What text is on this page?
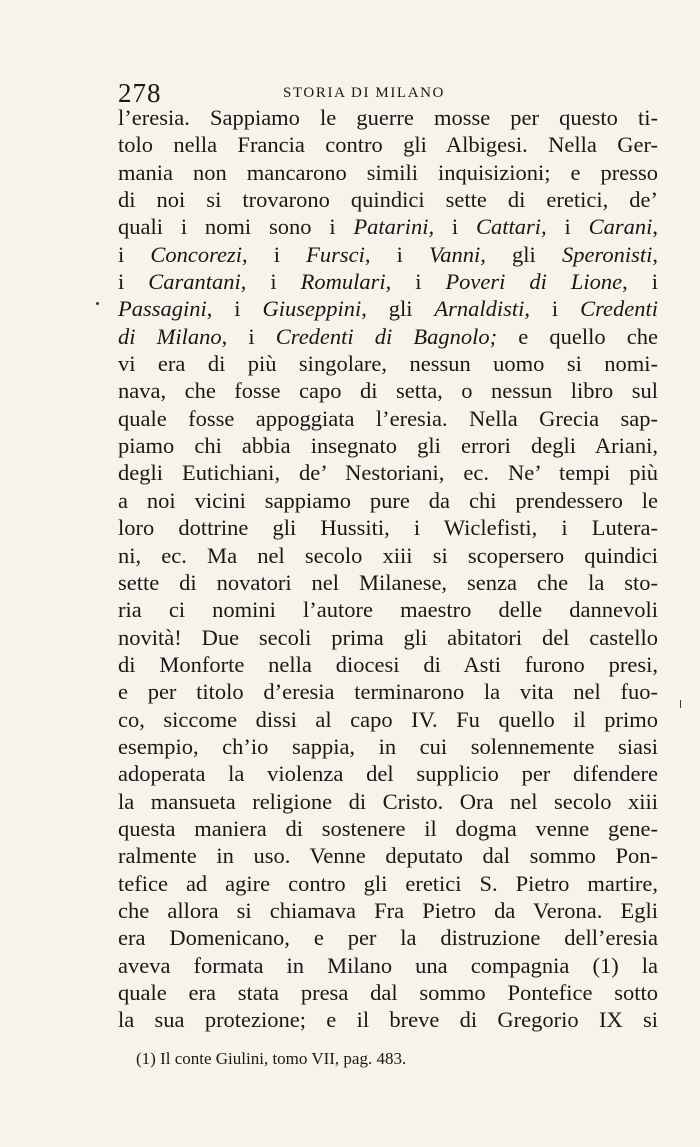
278	STORIA DI MILANO
l’eresia. Sappiamo le guerre mosse per questo ti-
tolo nella Francia contro gli Albigesi. Nella Ger-
mania non mancarono simili inquisizioni; e presso
di noi si trovarono quindici sette di eretici, de’
quali i nomi sono i Patarini, i Cattari, i Carani,
i Concorezi, i Fursci, i Vanni, gli Speronisti,
i Carantani, i Romulari, i Poveri di Lione, i
Passagini, i Giuseppini, gli Arnaldisti, i Credenti
di Milano, i Credenti di Bagnolo; e quello che
vi era di più singolare, nessun uomo si nomi-
nava, che fosse capo di setta, o nessun libro sul
quale fosse appoggiata l’eresia. Nella Grecia sap-
piamo chi abbia insegnato gli errori degli Ariani,
degli Eutichiani, de’ Nestoriani, ec. Ne’ tempi più
a noi vicini sappiamo pure da chi prendessero le
loro dottrine gli Hussiti, i Wiclefisti, i Lutera-
ni, ec. Ma nel secolo xiii si scopersero quindici
sette di novatori nel Milanese, senza che la sto-
ria ci nomini l’autore maestro delle dannevoli
novità! Due secoli prima gli abitatori del castello
di Monforte nella diocesi di Asti furono presi,
e per titolo d’eresia terminarono la vita nel fuo-
co, siccome dissi al capo IV. Fu quello il primo
esempio, ch’io sappia, in cui solennemente siasi
adoperata la violenza del supplicio per difendere
la mansueta religione di Cristo. Ora nel secolo xiii
questa maniera di sostenere il dogma venne gene-
ralmente in uso. Venne deputato dal sommo Pon-
tefice ad agire contro gli eretici S. Pietro martire,
che allora si chiamava Fra Pietro da Verona. Egli
era Domenicano, e per la distruzione dell’eresia
aveva formata in Milano una compagnia (1) la
quale era stata presa dal sommo Pontefice sotto
la sua protezione; e il breve di Gregorio IX si
(1) Il conte Giulini, tomo VII, pag. 483.
